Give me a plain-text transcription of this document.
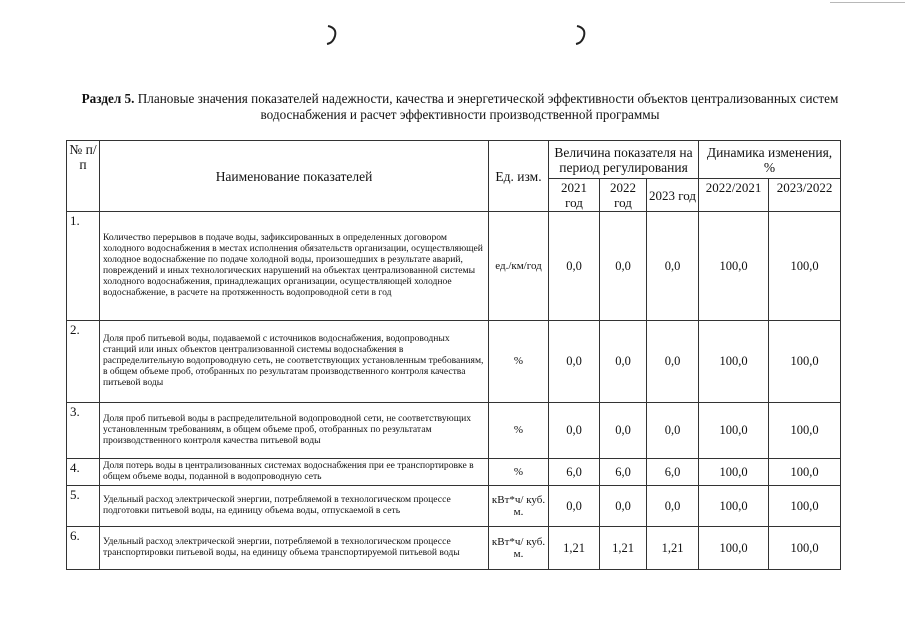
Раздел 5. Плановые значения показателей надежности, качества и энергетической эффективности объектов централизованных систем водоснабжения и расчет эффективности производственной программы
№ п/п	Наименование показателей	Ед. изм.	Величина показателя на период регулирования			Динамика изменения, %	
			2021 год	2022 год	2023 год	2022/2021	2023/2022
1.	Количество перерывов в подаче воды, зафиксированных в определенных договором холодного водоснабжения в местах исполнения обязательств организации, осуществляющей холодное водоснабжение по подаче холодной воды, произошедших в результате аварий, повреждений и иных технологических нарушений на объектах централизованной системы холодного водоснабжения, принадлежащих организации, осуществляющей холодное водоснабжение, в расчете на протяженность водопроводной сети в год	ед./км/год	0,0	0,0	0,0	100,0	100,0
2.	Доля проб питьевой воды, подаваемой с источников водоснабжения, водопроводных станций или иных объектов централизованной системы водоснабжения в распределительную водопроводную сеть, не соответствующих установленным требованиям, в общем объеме проб, отобранных по результатам производственного контроля качества питьевой воды	%	0,0	0,0	0,0	100,0	100,0
3.	Доля проб питьевой воды в распределительной водопроводной сети, не соответствующих установленным требованиям, в общем объеме проб, отобранных по результатам производственного контроля качества питьевой воды	%	0,0	0,0	0,0	100,0	100,0
4.	Доля потерь воды в централизованных системах водоснабжения при ее транспортировке в общем объеме воды, поданной в водопроводную сеть	%	6,0	6,0	6,0	100,0	100,0
5.	Удельный расход электрической энергии, потребляемой в технологическом процессе подготовки питьевой воды, на единицу объема воды, отпускаемой в сеть	кВт*ч/ куб. м.	0,0	0,0	0,0	100,0	100,0
6.	Удельный расход электрической энергии, потребляемой в технологическом процессе транспортировки питьевой воды, на единицу объема транспортируемой питьевой воды	кВт*ч/ куб. м.	1,21	1,21	1,21	100,0	100,0
